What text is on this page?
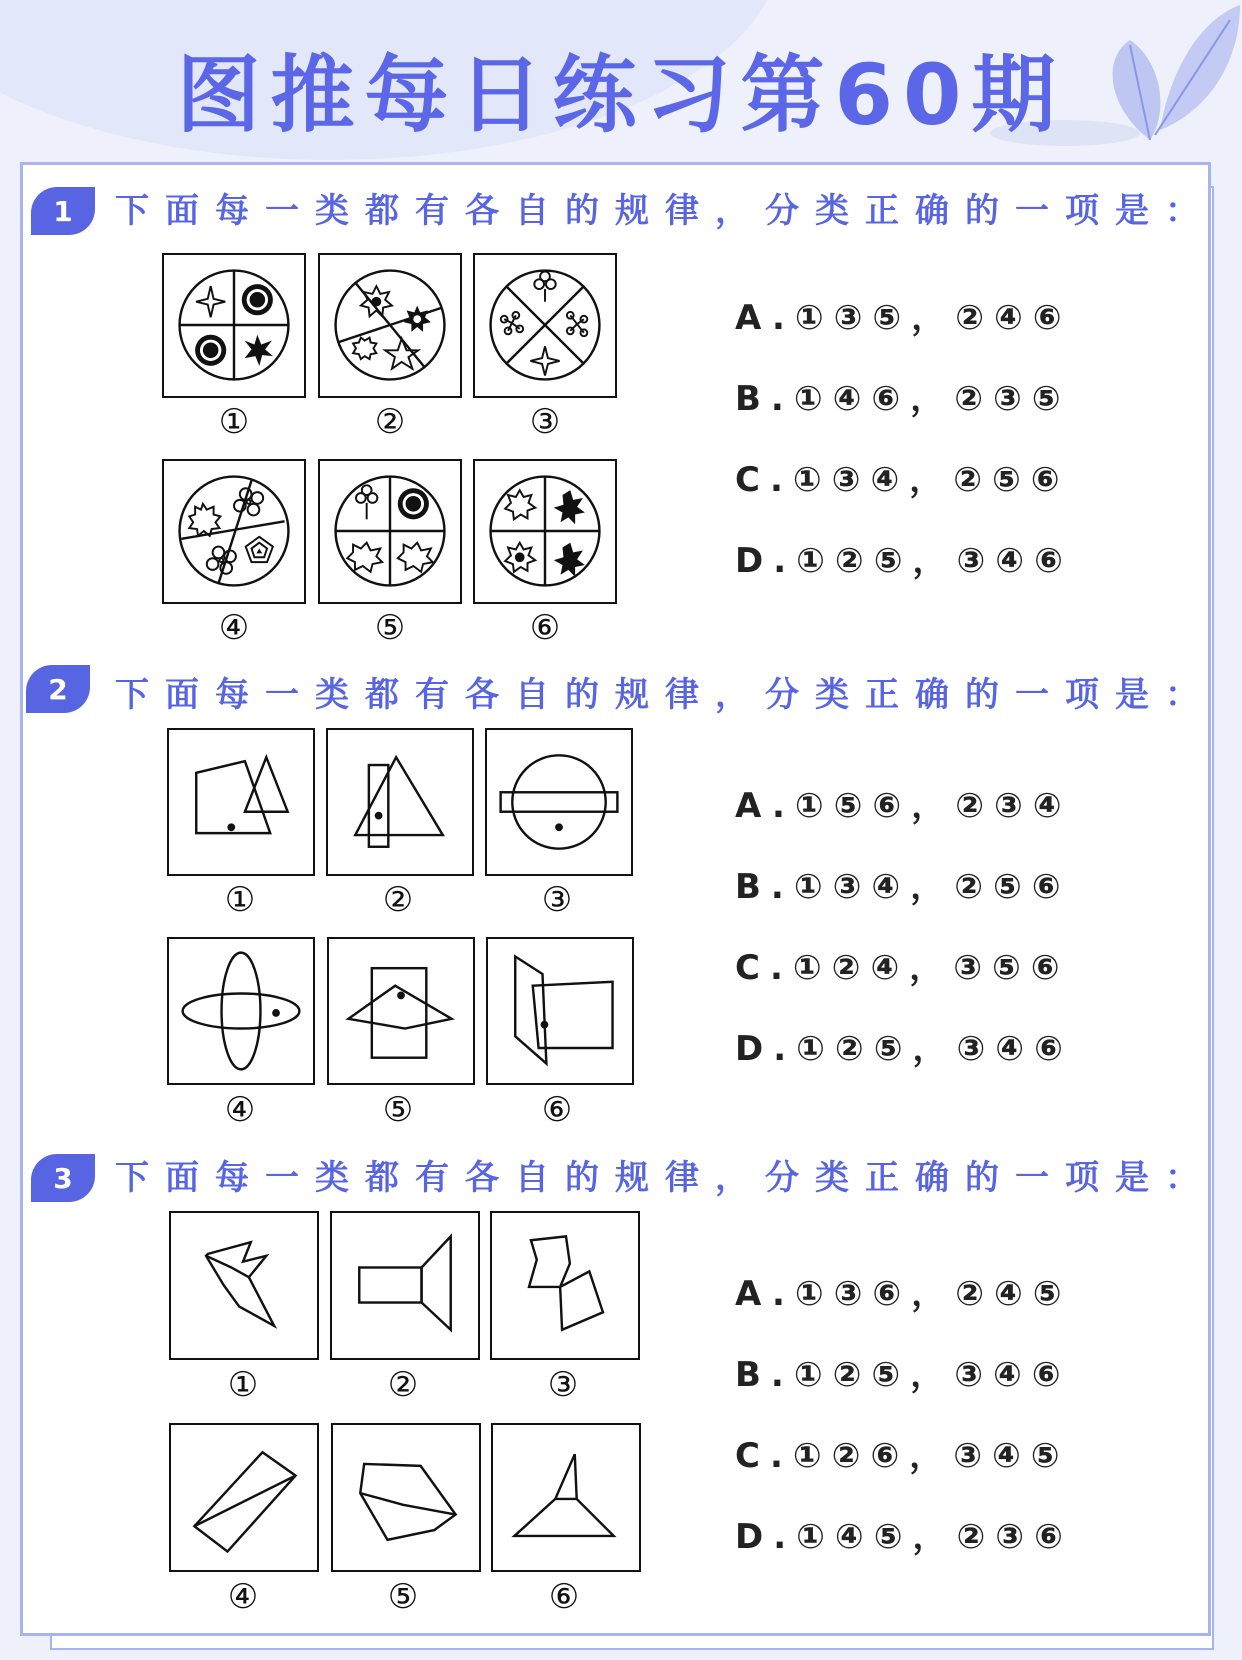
图推每日练习第60期
1	下面每一类都有各自的规律，分类正确的一项是：
①	②	③
④	⑤	⑥
A.①③⑤，②④⑥
B.①④⑥，②③⑤
C.①③④，②⑤⑥
D.①②⑤，③④⑥
2	下面每一类都有各自的规律，分类正确的一项是：
①	②	③
④	⑤	⑥
A.①⑤⑥，②③④
B.①③④，②⑤⑥
C.①②④，③⑤⑥
D.①②⑤，③④⑥
3	下面每一类都有各自的规律，分类正确的一项是：
①	②	③
④	⑤	⑥
A.①③⑥，②④⑤
B.①②⑤，③④⑥
C.①②⑥，③④⑤
D.①④⑤，②③⑥
